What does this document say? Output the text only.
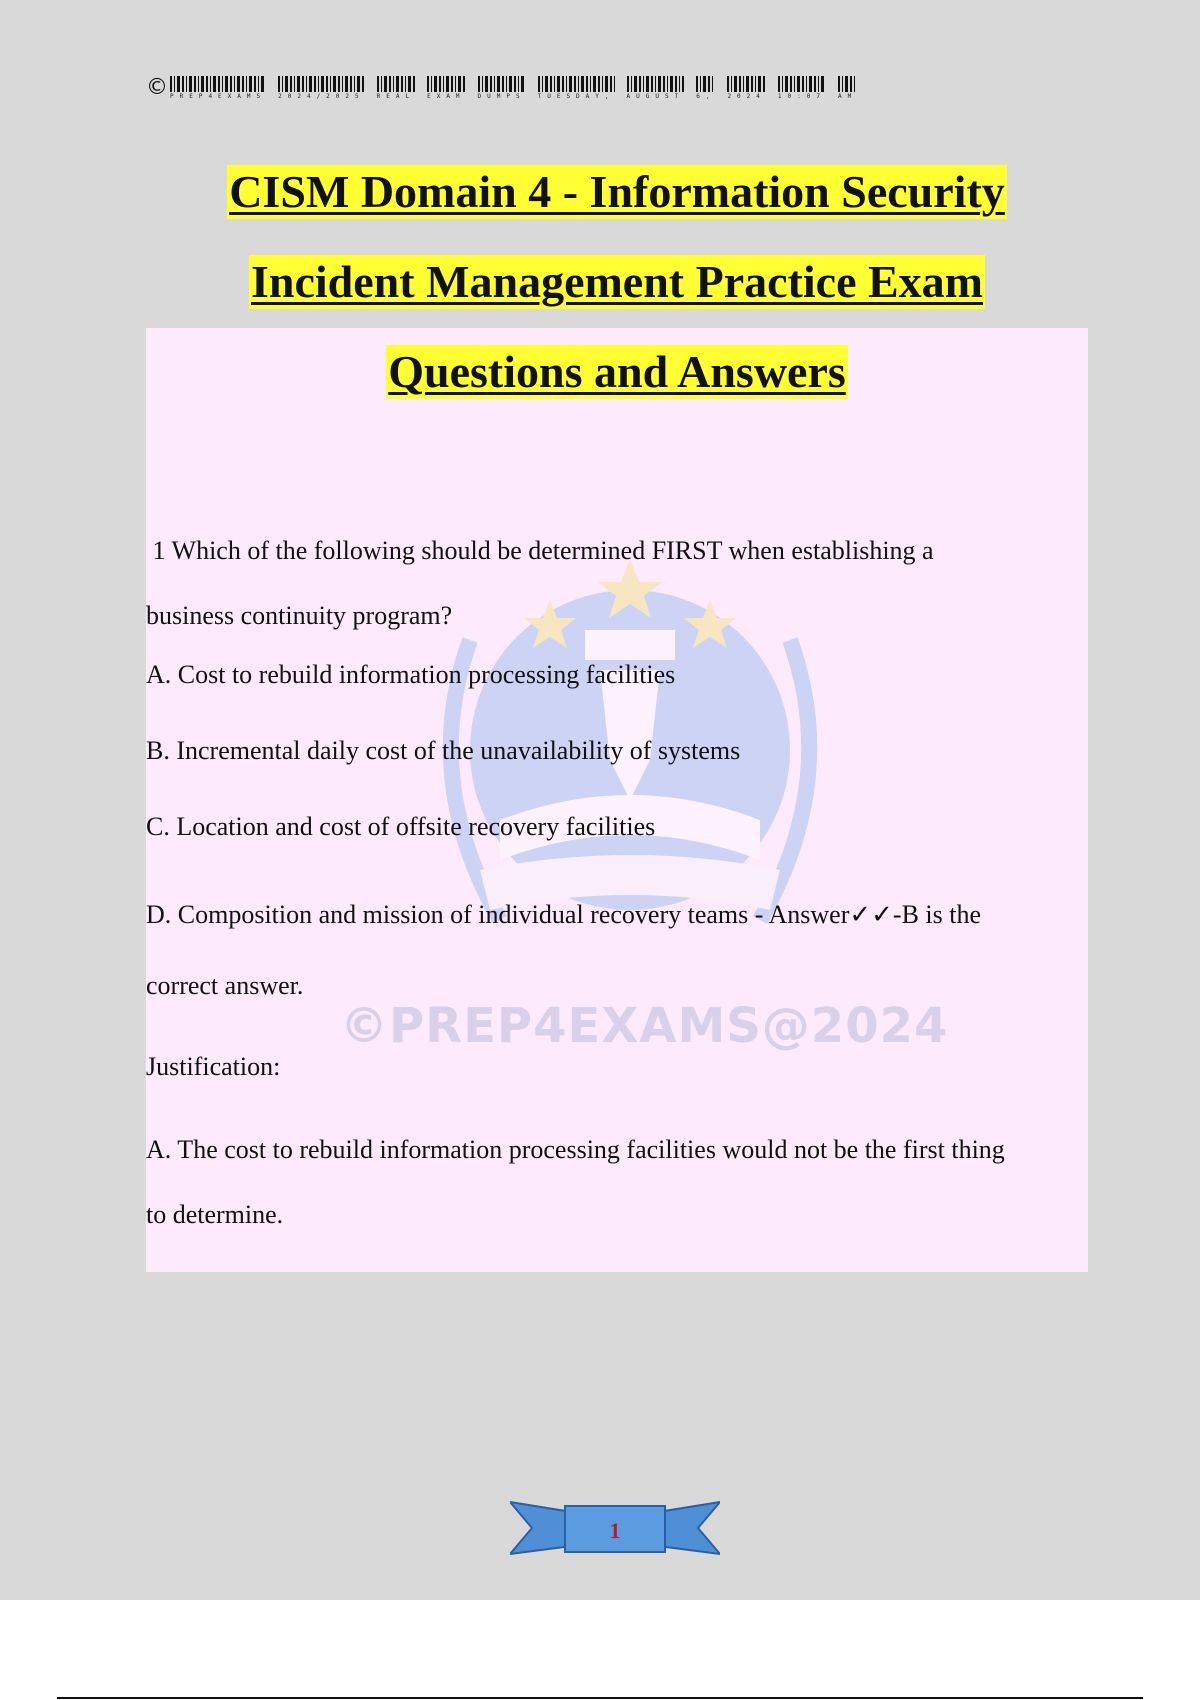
© PREP4EXAMS 2024/2025 REAL EXAM DUMPS TUESDAY, AUGUST 6, 2024 10:07 AM
©PREP4EXAMS@2024
CISM Domain 4 - Information Security
Incident Management Practice Exam
Questions and Answers

1 Which of the following should be determined FIRST when establishing a

business continuity program?

A. Cost to rebuild information processing facilities

B. Incremental daily cost of the unavailability of systems

C. Location and cost of offsite recovery facilities

D. Composition and mission of individual recovery teams - Answer✓✓-B is the

correct answer.

Justification:

A. The cost to rebuild information processing facilities would not be the first thing

to determine.

1
